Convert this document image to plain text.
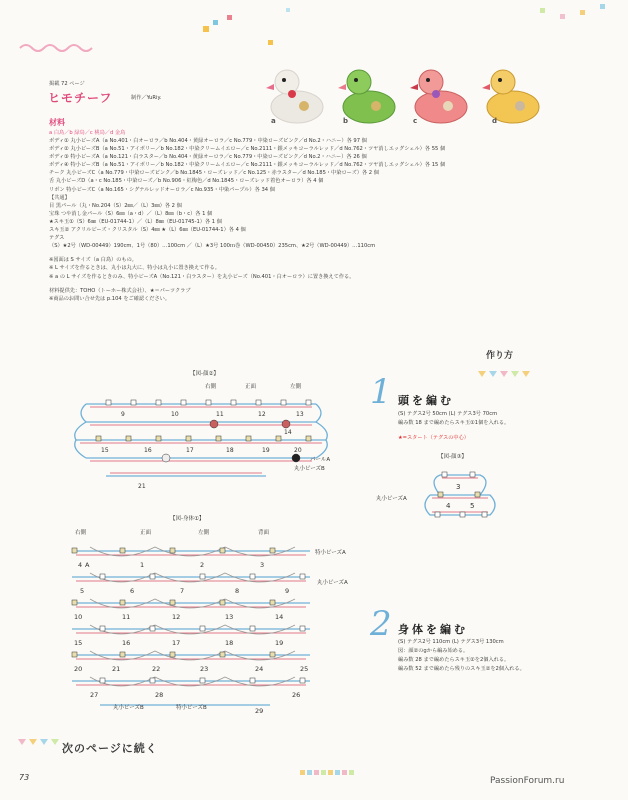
掲載 72 ページ
ヒモチーフ	制作／YuRiy.
a	b	c	d
材料
a 白鳥／b 緑鳥／c 桃鳥／d 金鳥
ボディ① 丸小ビーズA（a No.401・白オーロラ／b No.404・黄緑オーロラ／c No.779・中染ローズピンク／d No.2・ハニー）各 97 個
ボディ② 丸小ビーズB（a No.51・アイボリー／b No.182・中染クリームイエロー／c No.2111・銀メッキコーラルレッド／d No.762・ツヤ消しエッグシェル）各 55 個
ボディ③ 特小ビーズA（a No.121・白ラスター／b No.404・黄緑オーロラ／c No.779・中染ローズピンク／d No.2・ハニー）各 26 個
ボディ④ 特小ビーズB（a No.51・アイボリー／b No.182・中染クリームイエロー／c No.2111・銀メッキコーラルレッド／d No.762・ツヤ消しエッグシェル）各 15 個
チーク 丸小ビーズC（a No.779・中染ローズピンク／b No.1845・ローズレッド／c No.125・赤ラスター／d No.185・中染ローズ）各 2 個
舌 丸小ビーズD（a・c No.185・中染ローズ／b No.906・紅梅色／d No.1845・ローズレッド着色オーロラ）各 4 個
リボン 特小ビーズC（a No.165・シグナルレッドオーロラ／c No.935・中染パープル）各 34 個
【共通】
目 黒パール（丸・No.204（S）2㎜／（L）3㎜）各 2 個
宝珠 つや消し金パール（S）6㎜（a・d）／（L）8㎜（b・c）各 1 個
★スキ玉①（S）6㎜（EU-01744-1）／（L）8㎜（EU-01745-1）各 1 個
スキ玉② アクリルビーズ・クリスタル（S）4㎜ ★（L）6㎜（EU-01744-1）各 4 個
テグス
（S）★2号（WD-00449）190cm、1号（80）…100cm ／（L）★3号 100ｍ巻（WD-00450）235cm、★2号（WD-00449）…110cm
※図面は S サイズ（a 白鳥）のもの。
※ L サイズを作るときは、丸小は丸大に、特小は丸小に置き換えて作る。
※ a の L サイズを作るときのみ、特小ビーズA（No.121・白ラスター）を丸小ビーズ（No.401・白オーロラ）に置き換えて作る。
材料提供先：TOHO（トーホー株式会社）、★＝パーツクラブ
※商品のお問い合せ先は p.104 をご確認ください。
作り方
【図-顔②】
右側	正面	左側
9	10	11	12	13
15	16	17	18	19	20
14
21
パールA
丸小ビーズB
【図-身体①】
右側	正面	左側	背面
4 A	1	2	3
5	6	7	8	9
10	11	12	13	14
15	16	17	18	19
20	21	22	23	24	25
27	28	26
29
特小ビーズA
丸小ビーズA
丸小ビーズB	特小ビーズB
1 頭を編む
(S) テグス2号 50cm (L) テグス3号 70cm
編み数 18 まで編めたらスキ玉①1個を入れる。
★=スタート（テグスの中心）
【図-顔③】
丸小ビーズA
3
4	5
2 身体を編む
(S) テグス2号 110cm (L) テグス3号 130cm
図：顔②のgから編み始める。
編み数 28 まで編めたらスキ玉②を2個入れる。
編み数 52 まで編めたら残りのスキ玉②を2個入れる。
次のページに続く
73	PassionForum.ru
